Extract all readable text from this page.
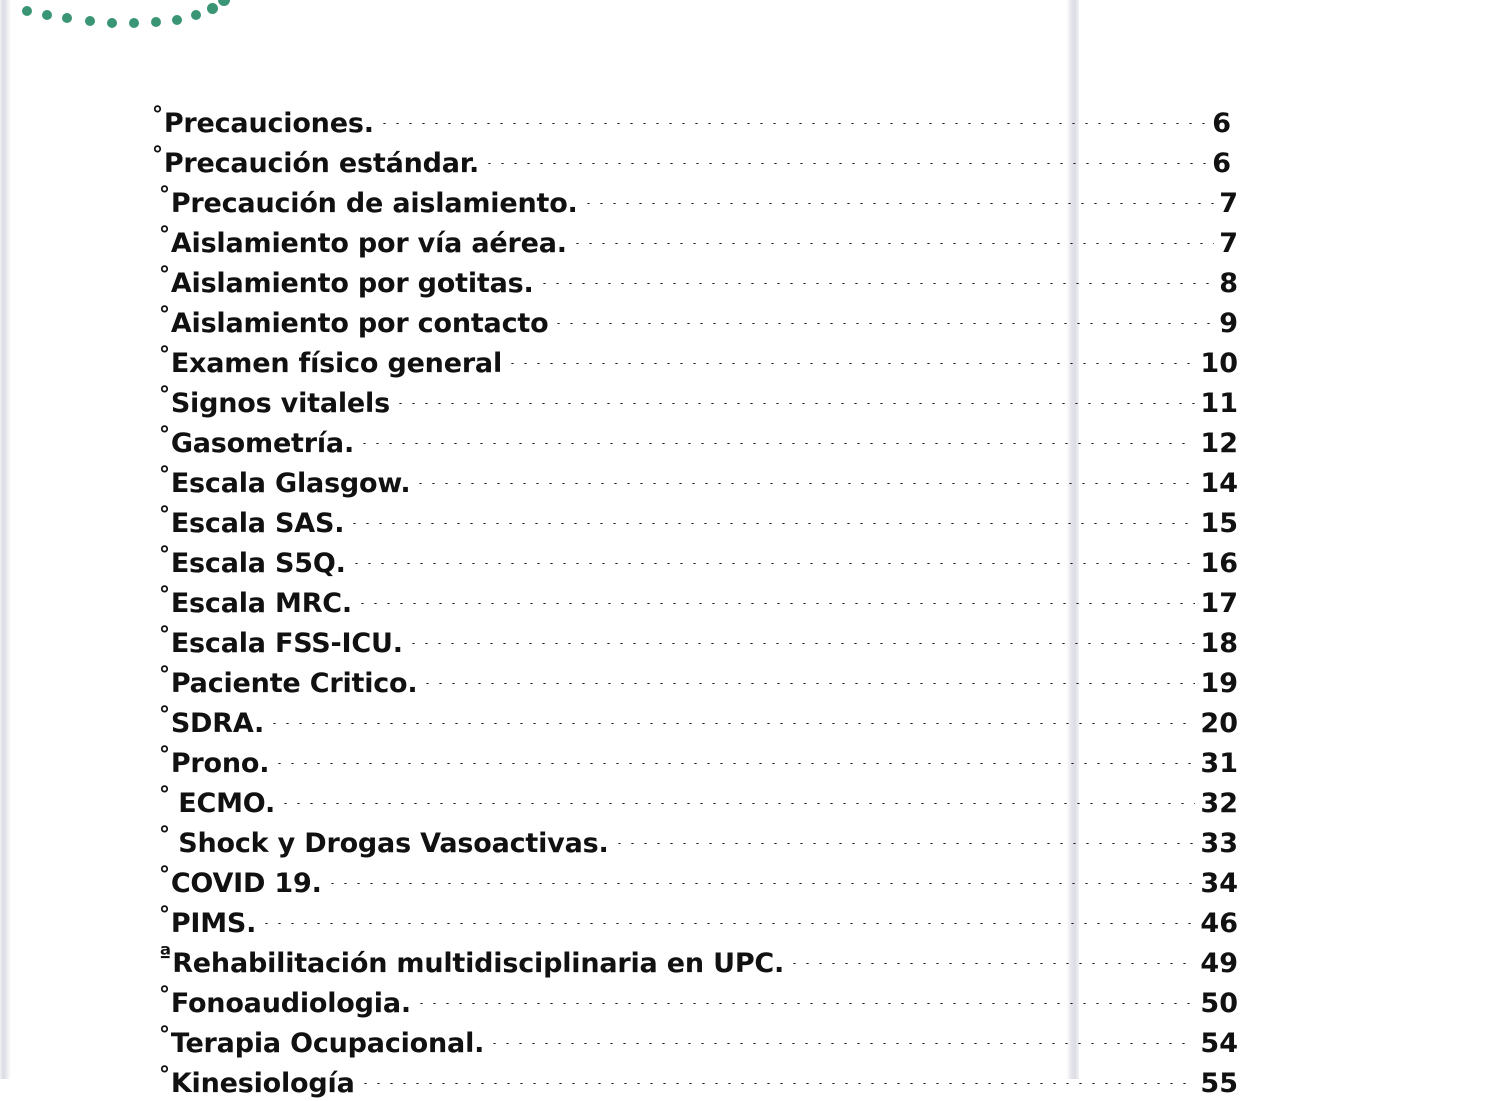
°Precauciones.	6
°Precaución estándar.	6
°Precaución de aislamiento.	7
°Aislamiento por vía aérea.	7
°Aislamiento por gotitas.	8
°Aislamiento por contacto	9
°Examen físico general	10
°Signos vitalels	11
°Gasometría.	12
°Escala Glasgow.	14
°Escala SAS.	15
°Escala S5Q.	16
°Escala MRC.	17
°Escala FSS-ICU.	18
°Paciente Critico.	19
°SDRA.	20
°Prono.	31
° ECMO.	32
° Shock y Drogas Vasoactivas.	33
°COVID 19.	34
°PIMS.	46
$^ª$Rehabilitación multidisciplinaria en UPC.	49
°Fonoaudiologia.	50
°Terapia Ocupacional.	54
°Kinesiología	55
